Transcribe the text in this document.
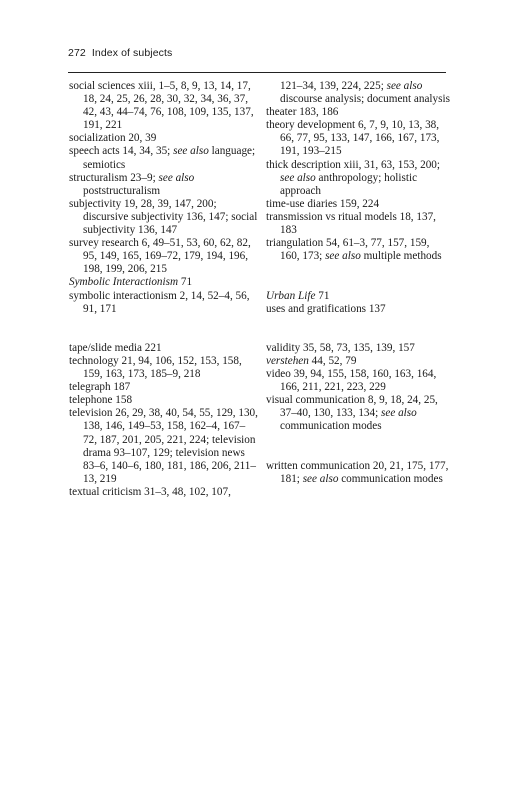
272 Index of subjects
social sciences xiii, 1–5, 8, 9, 13, 14, 17, 18, 24, 25, 26, 28, 30, 32, 34, 36, 37, 42, 43, 44–74, 76, 108, 109, 135, 137, 191, 221
socialization 20, 39
speech acts 14, 34, 35; see also language; semiotics
structuralism 23–9; see also poststructuralism
subjectivity 19, 28, 39, 147, 200; discursive subjectivity 136, 147; social subjectivity 136, 147
survey research 6, 49–51, 53, 60, 62, 82, 95, 149, 165, 169–72, 179, 194, 196, 198, 199, 206, 215
Symbolic Interactionism 71
symbolic interactionism 2, 14, 52–4, 56, 91, 171
tape/slide media 221
technology 21, 94, 106, 152, 153, 158, 159, 163, 173, 185–9, 218
telegraph 187
telephone 158
television 26, 29, 38, 40, 54, 55, 129, 130, 138, 146, 149–53, 158, 162–4, 167–72, 187, 201, 205, 221, 224; television drama 93–107, 129; television news 83–6, 140–6, 180, 181, 186, 206, 211–13, 219
textual criticism 31–3, 48, 102, 107,
121–34, 139, 224, 225; see also discourse analysis; document analysis
theater 183, 186
theory development 6, 7, 9, 10, 13, 38, 66, 77, 95, 133, 147, 166, 167, 173, 191, 193–215
thick description xiii, 31, 63, 153, 200; see also anthropology; holistic approach
time-use diaries 159, 224
transmission vs ritual models 18, 137, 183
triangulation 54, 61–3, 77, 157, 159, 160, 173; see also multiple methods
Urban Life 71
uses and gratifications 137
validity 35, 58, 73, 135, 139, 157
verstehen 44, 52, 79
video 39, 94, 155, 158, 160, 163, 164, 166, 211, 221, 223, 229
visual communication 8, 9, 18, 24, 25, 37–40, 130, 133, 134; see also communication modes
written communication 20, 21, 175, 177, 181; see also communication modes
